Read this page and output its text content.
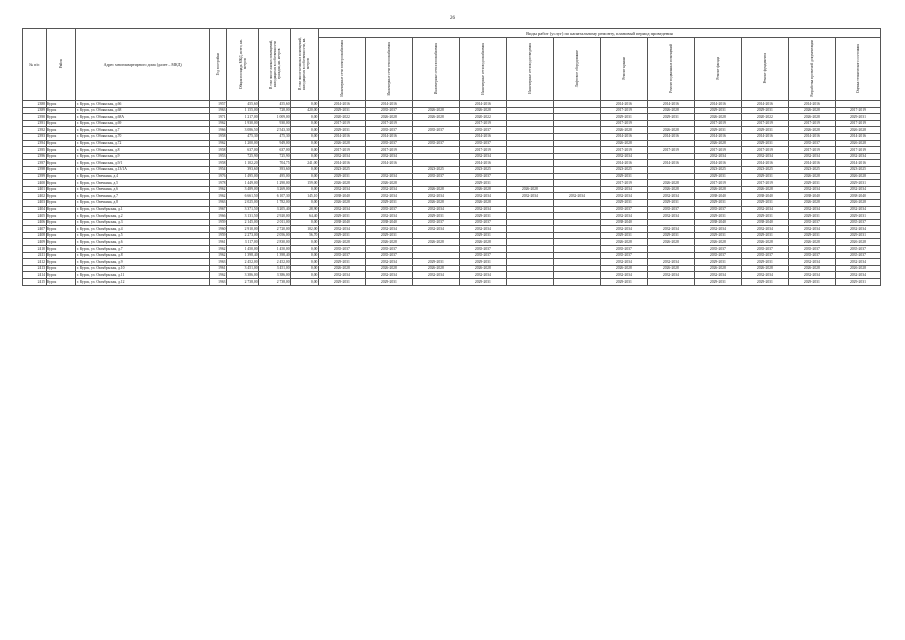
26
№ п/п	Район	Адрес многоквартирного дома (далее – МКД)	Год постройки	Общая площадь МКД, всего, кв. метров	В том числе жилых помещений, находящихся в собственности граждан, кв. метров	В том числе нежилых помещений, находящихся в собственности, кв. метров	Виды работ (услуг) по капитальному ремонту, плановый период проведения											
							Инженерные сети электроснабжения	Инженерные сети теплоснабжения	Инженерные сети газоснабжения	Инженерные сети водоснабжения	Инженерные сети водоотведения	Лифтовое оборудование	Ремонт крыши	Ремонт подвальных помещений	Ремонт фасада	Ремонт фундамента	Разработка проектной документации	Оценка технического состояния
2388	Курск	г. Курск, ул. Обоянская, д.66	1957	455,60	455,60	0,00	2014-2016	2014-2016		2014-2016			2014-2016	2014-2016	2014-2016	2014-2016	2014-2016	
2389	Курск	г. Курск, ул. Обоянская, д.68	1963	1 155,00	728,00	420,00	2029-2031	2035-2037	2026-2028	2026-2028			2017-2019	2026-2028	2029-2031	2029-2031	2026-2028	2017-2019
2390	Курск	г. Курск, ул. Обоянская, д.68А	1971	1 217,00	1 009,00	0,00	2020-2022	2026-2028	2026-2028	2020-2022			2029-2031	2029-2031	2026-2028	2020-2022	2026-2028	2029-2031
2391	Курск	г. Курск, ул. Обоянская, д.69	1962	1 930,00	930,00	0,00	2017-2019	2017-2019		2017-2019			2017-2019		2017-2019	2017-2019	2017-2019	2017-2019
2392	Курск	г. Курск, ул. Обоянская, д.7	1966	3 086,50	2 543,30	0,00	2029-2031	2035-2037	2035-2037	2035-2037			2026-2028	2026-2028	2029-2031	2029-2031	2026-2028	2026-2028
2393	Курск	г. Курск, ул. Обоянская, д.70	1958	475,30	475,30	0,00	2014-2016	2014-2016		2014-2016			2014-2016	2014-2016	2014-2016	2014-2016	2014-2016	2014-2016
2394	Курск	г. Курск, ул. Обоянская, д.72	1962	1 200,00	949,00	0,00	2026-2028	2035-2037	2035-2037	2035-2037			2026-2028		2026-2028	2029-2031	2035-2037	2026-2028
2395	Курск	г. Курск, ул. Обоянская, д.8	1958	637,00	637,00	0,00	2017-2019	2017-2019		2017-2019			2017-2019	2017-2019	2017-2019	2017-2019	2017-2019	2017-2019
2396	Курск	г. Курск, ул. Обоянская, д.9	1953	725,90	725,90	0,00	2032-2034	2032-2034		2032-2034			2032-2034		2032-2034	2032-2034	2032-2034	2032-2034
2397	Курск	г. Курск, ул. Обоянская, д.9/1	1958	1 102,20	704,75	241,00	2014-2016	2014-2016		2014-2016			2014-2016	2014-2016	2014-2016	2014-2016	2014-2016	2014-2016
2398	Курск	г. Курск, ул. Обоянская, д.13/1А	1954	393,60	393,60	0,00	2023-2025		2023-2025	2023-2025			2023-2025		2023-2025	2023-2025	2023-2025	2023-2025
2399	Курск	г. Курск, ул. Овечкина, д.4	1976	1 495,00	495,00	0,00	2029-2031	2032-2034	2035-2037	2035-2037			2029-2031		2029-2031	2029-2031	2026-2028	2026-2028
2400	Курск	г. Курск, ул. Овечкина, д.5	1978	1 449,00	1 290,00	159,00	2026-2028	2026-2028		2029-2031			2017-2019	2026-2028	2017-2019	2017-2019	2029-2031	2029-2031
2401	Курск	г. Курск, ул. Овечкина, д.6	1962	3 489,00	3 269,00	0,00	2032-2034	2032-2034	2026-2028	2026-2028	2026-2028		2032-2034	2026-2028	2026-2028	2026-2028	2032-2034	2032-2034
2402	Курск	г. Курск, ул. Овечкина, д.7	1962	6 661,50	6 107,30	145,10	2038-2040	2032-2034	2032-2034	2032-2034	2032-2034	2032-2034	2032-2034	2032-2034	2038-2040	2038-2040	2038-2040	2038-2040
2403	Курск	г. Курск, ул. Овечкина, д.8	1963	2 025,00	1 782,00	0,00	2026-2028	2029-2031	2026-2028	2026-2028			2029-2031	2029-2031	2029-2031	2029-2031	2026-2028	2026-2028
2404	Курск	г. Курск, ул. Октябрьская, д.1	1967	3 371,50	3 205,40	28,90	2032-2034	2035-2037	2032-2034	2032-2034			2035-2037	2035-2037	2035-2037	2032-2034	2032-2034	2032-2034
2405	Курск	г. Курск, ул. Октябрьская, д.2	1966	3 131,50	2 920,00	64,40	2029-2031	2032-2034	2029-2031	2029-2031			2032-2034	2032-2034	2029-2031	2029-2031	2029-2031	2029-2031
2406	Курск	г. Курск, ул. Октябрьская, д.3	1959	2 145,00	2 011,00	0,00	2038-2040	2038-2040	2035-2037	2035-2037			2038-2040		2038-2040	2038-2040	2035-2037	2035-2037
2407	Курск	г. Курск, ул. Октябрьская, д.4	1960	2 910,00	2 720,00	102,00	2032-2034	2032-2034	2032-2034	2032-2034			2032-2034	2032-2034	2032-2034	2032-2034	2032-2034	2032-2034
2408	Курск	г. Курск, ул. Октябрьская, д.5	1959	2 273,00	2 056,00	56,70	2029-2031	2029-2031		2029-2031			2029-2031	2029-2031	2029-2031	2029-2031	2029-2031	2029-2031
2409	Курск	г. Курск, ул. Октябрьская, д.6	1961	3 117,00	2 830,00	0,00	2026-2028	2026-2028	2026-2028	2026-2028			2026-2028	2026-2028	2026-2028	2026-2028	2026-2028	2026-2028
2410	Курск	г. Курск, ул. Октябрьская, д.7	1962	1 450,00	1 450,00	0,00	2035-2037	2035-2037		2035-2037			2035-2037		2035-2037	2035-2037	2035-2037	2035-2037
2411	Курск	г. Курск, ул. Октябрьская, д.8	1962	1 398,40	1 398,40	0,00	2035-2037	2035-2037		2035-2037			2035-2037		2035-2037	2035-2037	2035-2037	2035-2037
2412	Курск	г. Курск, ул. Октябрьская, д.9	1963	2 452,00	2 452,00	0,00	2029-2031	2032-2034	2029-2031	2029-2031			2032-2034	2032-2034	2029-2031	2029-2031	2032-2034	2032-2034
2413	Курск	г. Курск, ул. Октябрьская, д.10	1961	3 451,00	3 451,00	0,00	2026-2028	2026-2028	2026-2028	2026-2028			2026-2028	2026-2028	2026-2028	2026-2028	2026-2028	2026-2028
2414	Курск	г. Курск, ул. Октябрьская, д.11	1962	3 386,00	3 386,00	0,00	2032-2034	2032-2034	2032-2034	2032-2034			2032-2034	2032-2034	2032-2034	2032-2034	2032-2034	2032-2034
2415	Курск	г. Курск, ул. Октябрьская, д.12	1963	2 738,00	2 738,00	0,00	2029-2031	2029-2031		2029-2031			2029-2031		2029-2031	2029-2031	2029-2031	2029-2031
